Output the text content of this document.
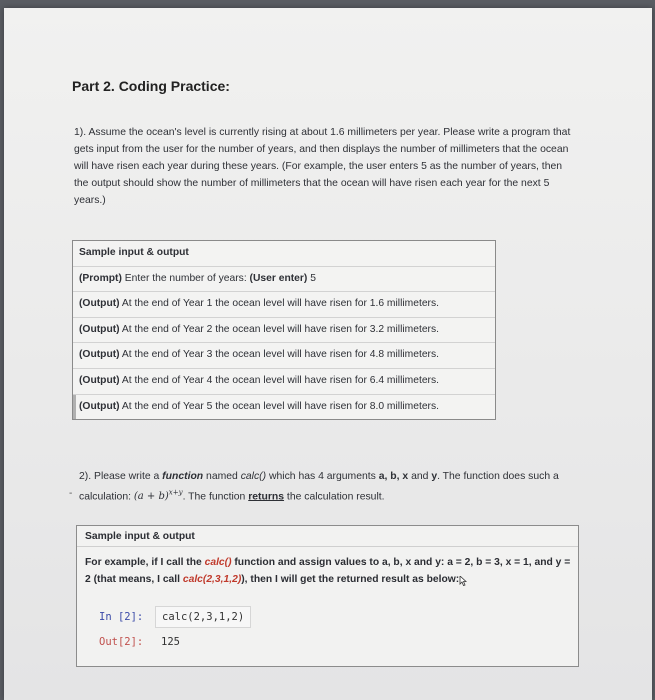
Part 2. Coding Practice:
1). Assume the ocean's level is currently rising at about 1.6 millimeters per year. Please write a program that gets input from the user for the number of years, and then displays the number of millimeters that the ocean will have risen each year during these years. (For example, the user enters 5 as the number of years, then the output should show the number of millimeters that the ocean will have risen each year for the next 5 years.)
Sample input & output
(Prompt) Enter the number of years: (User enter) 5
(Output) At the end of Year 1 the ocean level will have risen for 1.6 millimeters.
(Output) At the end of Year 2 the ocean level will have risen for 3.2 millimeters.
(Output) At the end of Year 3 the ocean level will have risen for 4.8 millimeters.
(Output) At the end of Year 4 the ocean level will have risen for 6.4 millimeters.
(Output) At the end of Year 5 the ocean level will have risen for 8.0 millimeters.
-
2). Please write a function named calc() which has 4 arguments a, b, x and y. The function does such a calculation: $(a + b)^{x+y}$. The function returns the calculation result.
Sample input & output
For example, if I call the calc() function and assign values to a, b, x and y: a = 2, b = 3, x = 1, and y = 2 (that means, I call calc(2,3,1,2)), then I will get the returned result as below:
In [2]: calc(2,3,1,2)
Out[2]: 125
